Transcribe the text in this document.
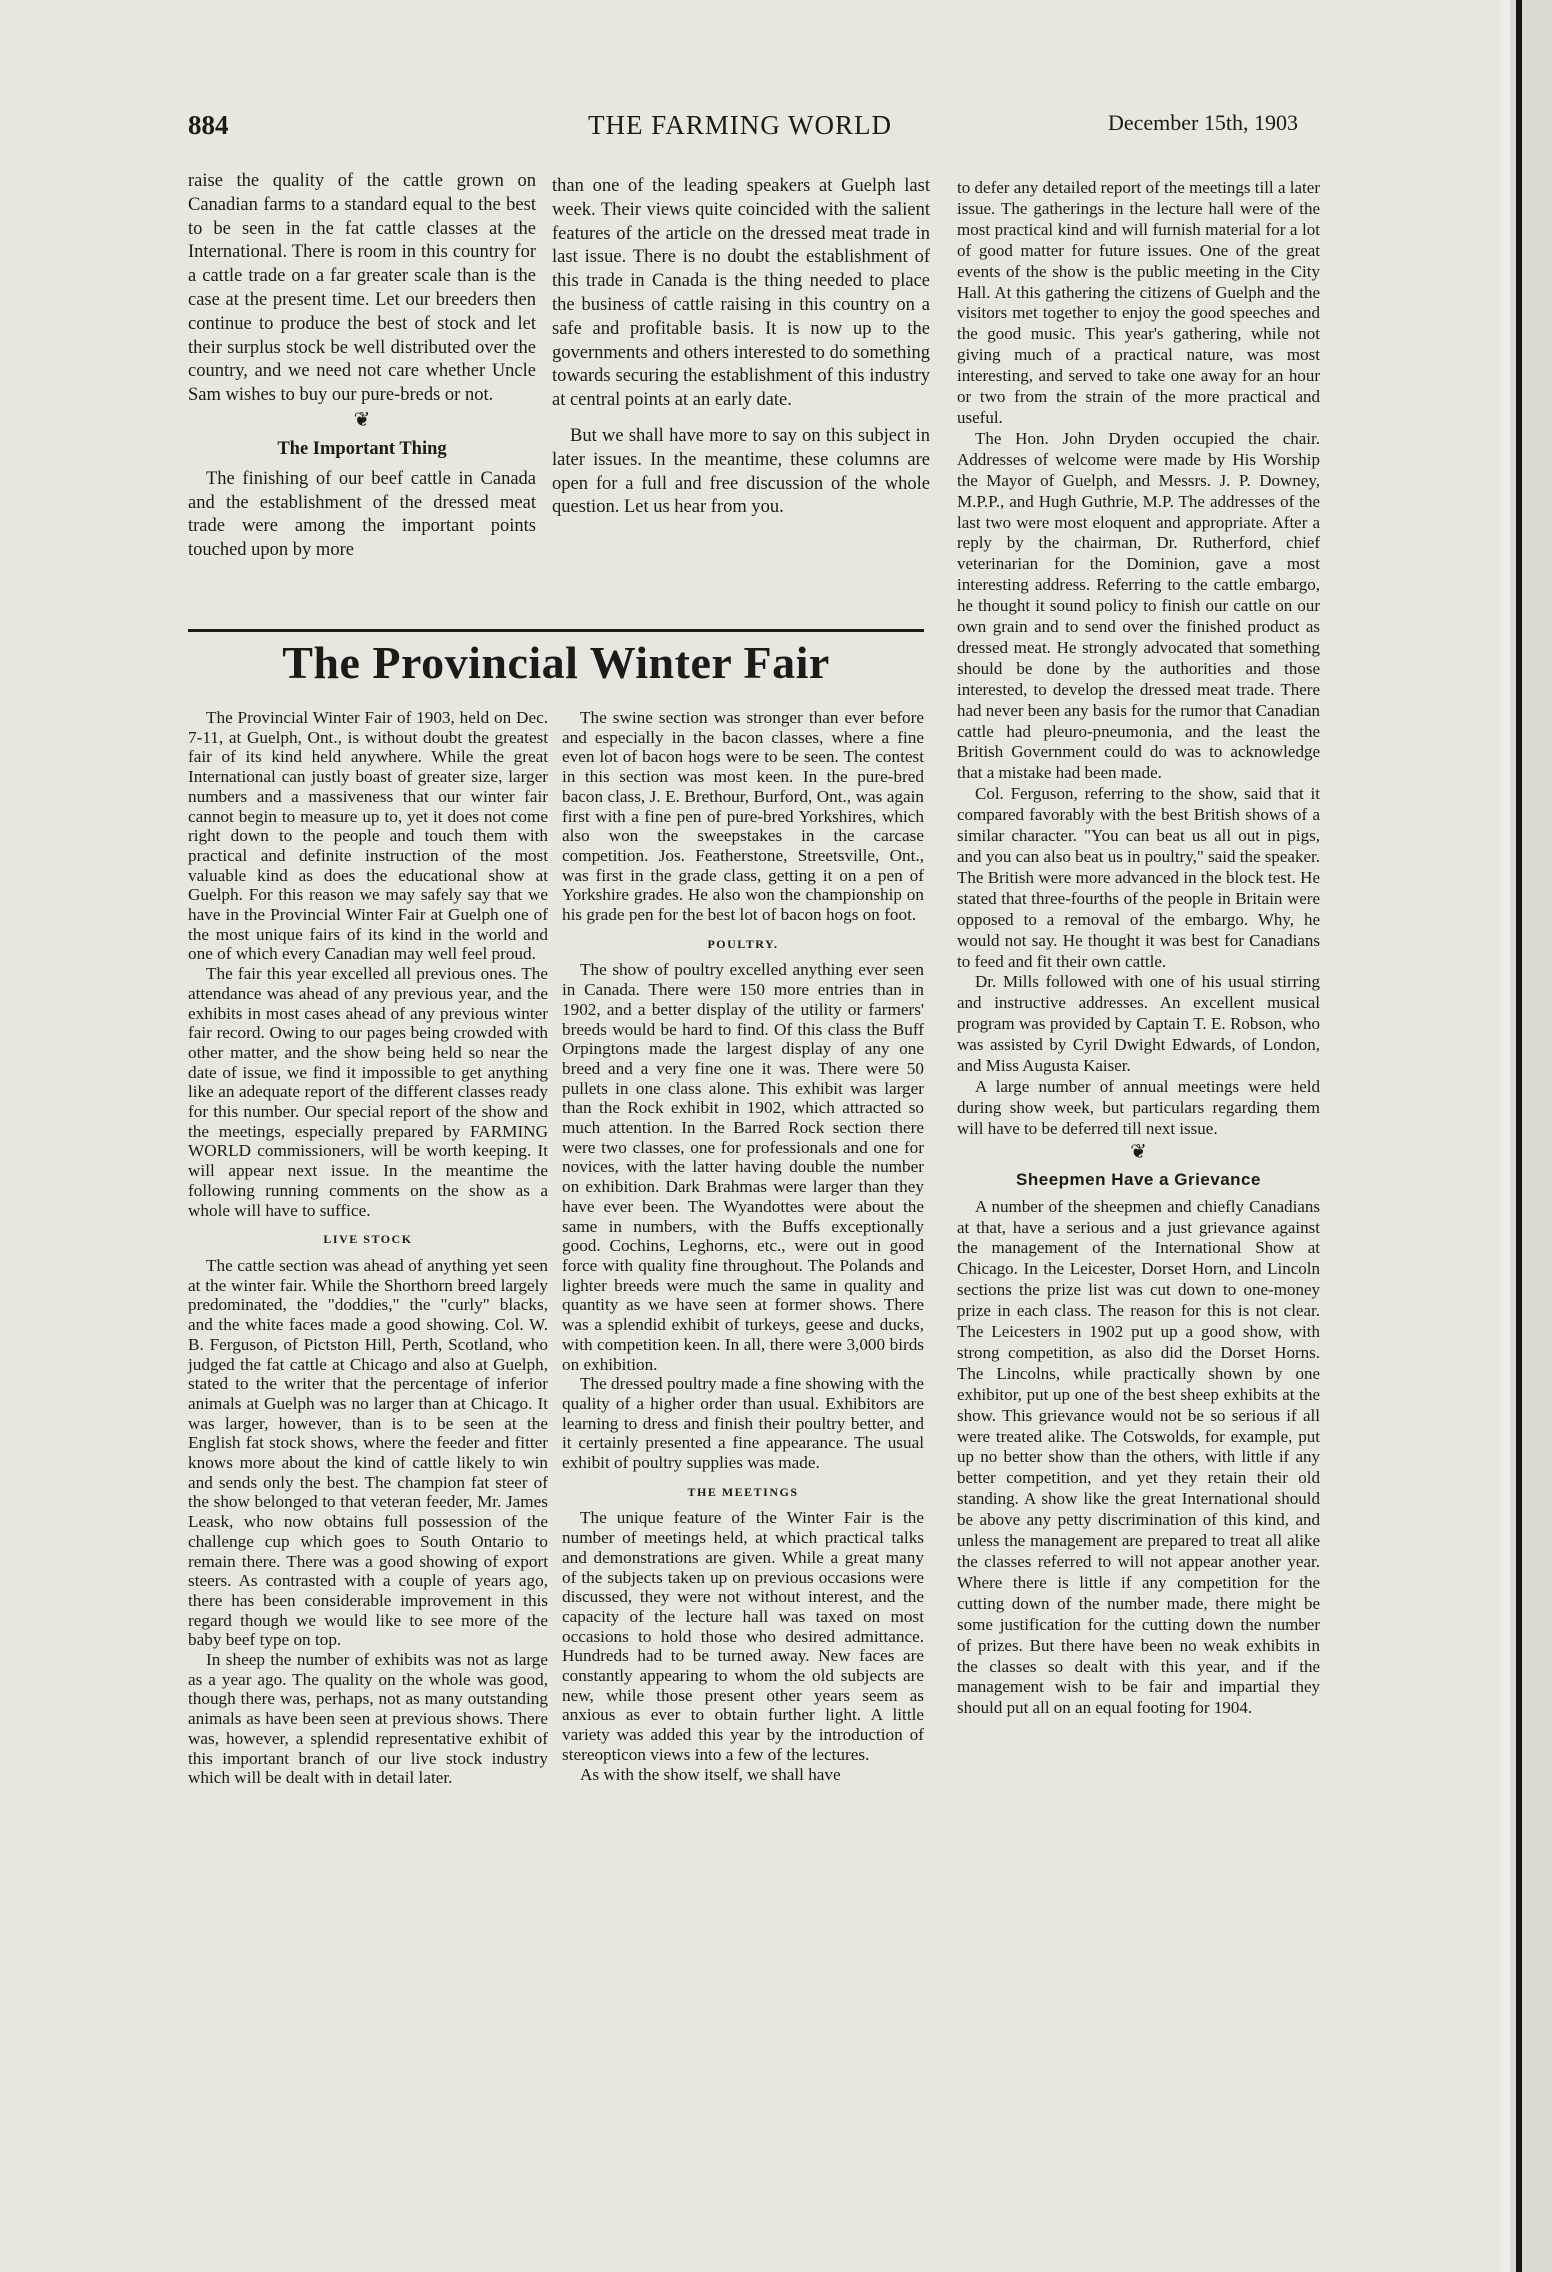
884	THE FARMING WORLD	December 15th, 1903

raise the quality of the cattle grown on Canadian farms to a standard equal to the best to be seen in the fat cattle classes at the International. There is room in this country for a cattle trade on a far greater scale than is the case at the present time. Let our breeders then continue to produce the best of stock and let their surplus stock be well distributed over the country, and we need not care whether Uncle Sam wishes to buy our pure-breds or not.

❦
The Important Thing

The finishing of our beef cattle in Canada and the establishment of the dressed meat trade were among the important points touched upon by more

than one of the leading speakers at Guelph last week. Their views quite coincided with the salient features of the article on the dressed meat trade in last issue. There is no doubt the establishment of this trade in Canada is the thing needed to place the business of cattle raising in this country on a safe and profitable basis. It is now up to the governments and others interested to do something towards securing the establishment of this industry at central points at an early date.

But we shall have more to say on this subject in later issues. In the meantime, these columns are open for a full and free discussion of the whole question. Let us hear from you.

The Provincial Winter Fair

The Provincial Winter Fair of 1903, held on Dec. 7-11, at Guelph, Ont., is without doubt the greatest fair of its kind held anywhere. While the great International can justly boast of greater size, larger numbers and a massiveness that our winter fair cannot begin to measure up to, yet it does not come right down to the people and touch them with practical and definite instruction of the most valuable kind as does the educational show at Guelph. For this reason we may safely say that we have in the Provincial Winter Fair at Guelph one of the most unique fairs of its kind in the world and one of which every Canadian may well feel proud.

The fair this year excelled all previous ones. The attendance was ahead of any previous year, and the exhibits in most cases ahead of any previous winter fair record. Owing to our pages being crowded with other matter, and the show being held so near the date of issue, we find it impossible to get anything like an adequate report of the different classes ready for this number. Our special report of the show and the meetings, especially prepared by FARMING WORLD commissioners, will be worth keeping. It will appear next issue. In the meantime the following running comments on the show as a whole will have to suffice.

LIVE STOCK

The cattle section was ahead of anything yet seen at the winter fair. While the Shorthorn breed largely predominated, the "doddies," the "curly" blacks, and the white faces made a good showing. Col. W. B. Ferguson, of Pictston Hill, Perth, Scotland, who judged the fat cattle at Chicago and also at Guelph, stated to the writer that the percentage of inferior animals at Guelph was no larger than at Chicago. It was larger, however, than is to be seen at the English fat stock shows, where the feeder and fitter knows more about the kind of cattle likely to win and sends only the best. The champion fat steer of the show belonged to that veteran feeder, Mr. James Leask, who now obtains full possession of the challenge cup which goes to South Ontario to remain there. There was a good showing of export steers. As contrasted with a couple of years ago, there has been considerable improvement in this regard though we would like to see more of the baby beef type on top.

In sheep the number of exhibits was not as large as a year ago. The quality on the whole was good, though there was, perhaps, not as many outstanding animals as have been seen at previous shows. There was, however, a splendid representative exhibit of this important branch of our live stock industry which will be dealt with in detail later.

The swine section was stronger than ever before and especially in the bacon classes, where a fine even lot of bacon hogs were to be seen. The contest in this section was most keen. In the pure-bred bacon class, J. E. Brethour, Burford, Ont., was again first with a fine pen of pure-bred Yorkshires, which also won the sweepstakes in the carcase competition. Jos. Featherstone, Streetsville, Ont., was first in the grade class, getting it on a pen of Yorkshire grades. He also won the championship on his grade pen for the best lot of bacon hogs on foot.

POULTRY.

The show of poultry excelled anything ever seen in Canada. There were 150 more entries than in 1902, and a better display of the utility or farmers' breeds would be hard to find. Of this class the Buff Orpingtons made the largest display of any one breed and a very fine one it was. There were 50 pullets in one class alone. This exhibit was larger than the Rock exhibit in 1902, which attracted so much attention. In the Barred Rock section there were two classes, one for professionals and one for novices, with the latter having double the number on exhibition. Dark Brahmas were larger than they have ever been. The Wyandottes were about the same in numbers, with the Buffs exceptionally good. Cochins, Leghorns, etc., were out in good force with quality fine throughout. The Polands and lighter breeds were much the same in quality and quantity as we have seen at former shows. There was a splendid exhibit of turkeys, geese and ducks, with competition keen. In all, there were 3,000 birds on exhibition.

The dressed poultry made a fine showing with the quality of a higher order than usual. Exhibitors are learning to dress and finish their poultry better, and it certainly presented a fine appearance. The usual exhibit of poultry supplies was made.

THE MEETINGS

The unique feature of the Winter Fair is the number of meetings held, at which practical talks and demonstrations are given. While a great many of the subjects taken up on previous occasions were discussed, they were not without interest, and the capacity of the lecture hall was taxed on most occasions to hold those who desired admittance. Hundreds had to be turned away. New faces are constantly appearing to whom the old subjects are new, while those present other years seem as anxious as ever to obtain further light. A little variety was added this year by the introduction of stereopticon views into a few of the lectures.

As with the show itself, we shall have

to defer any detailed report of the meetings till a later issue. The gatherings in the lecture hall were of the most practical kind and will furnish material for a lot of good matter for future issues. One of the great events of the show is the public meeting in the City Hall. At this gathering the citizens of Guelph and the visitors met together to enjoy the good speeches and the good music. This year's gathering, while not giving much of a practical nature, was most interesting, and served to take one away for an hour or two from the strain of the more practical and useful.

The Hon. John Dryden occupied the chair. Addresses of welcome were made by His Worship the Mayor of Guelph, and Messrs. J. P. Downey, M.P.P., and Hugh Guthrie, M.P. The addresses of the last two were most eloquent and appropriate. After a reply by the chairman, Dr. Rutherford, chief veterinarian for the Dominion, gave a most interesting address. Referring to the cattle embargo, he thought it sound policy to finish our cattle on our own grain and to send over the finished product as dressed meat. He strongly advocated that something should be done by the authorities and those interested, to develop the dressed meat trade. There had never been any basis for the rumor that Canadian cattle had pleuro-pneumonia, and the least the British Government could do was to acknowledge that a mistake had been made.

Col. Ferguson, referring to the show, said that it compared favorably with the best British shows of a similar character. "You can beat us all out in pigs, and you can also beat us in poultry," said the speaker. The British were more advanced in the block test. He stated that three-fourths of the people in Britain were opposed to a removal of the embargo. Why, he would not say. He thought it was best for Canadians to feed and fit their own cattle.

Dr. Mills followed with one of his usual stirring and instructive addresses. An excellent musical program was provided by Captain T. E. Robson, who was assisted by Cyril Dwight Edwards, of London, and Miss Augusta Kaiser.

A large number of annual meetings were held during show week, but particulars regarding them will have to be deferred till next issue.

❦
Sheepmen Have a Grievance

A number of the sheepmen and chiefly Canadians at that, have a serious and a just grievance against the management of the International Show at Chicago. In the Leicester, Dorset Horn, and Lincoln sections the prize list was cut down to one-money prize in each class. The reason for this is not clear. The Leicesters in 1902 put up a good show, with strong competition, as also did the Dorset Horns. The Lincolns, while practically shown by one exhibitor, put up one of the best sheep exhibits at the show. This grievance would not be so serious if all were treated alike. The Cotswolds, for example, put up no better show than the others, with little if any better competition, and yet they retain their old standing. A show like the great International should be above any petty discrimination of this kind, and unless the management are prepared to treat all alike the classes referred to will not appear another year. Where there is little if any competition for the cutting down of the number made, there might be some justification for the cutting down the number of prizes. But there have been no weak exhibits in the classes so dealt with this year, and if the management wish to be fair and impartial they should put all on an equal footing for 1904.
